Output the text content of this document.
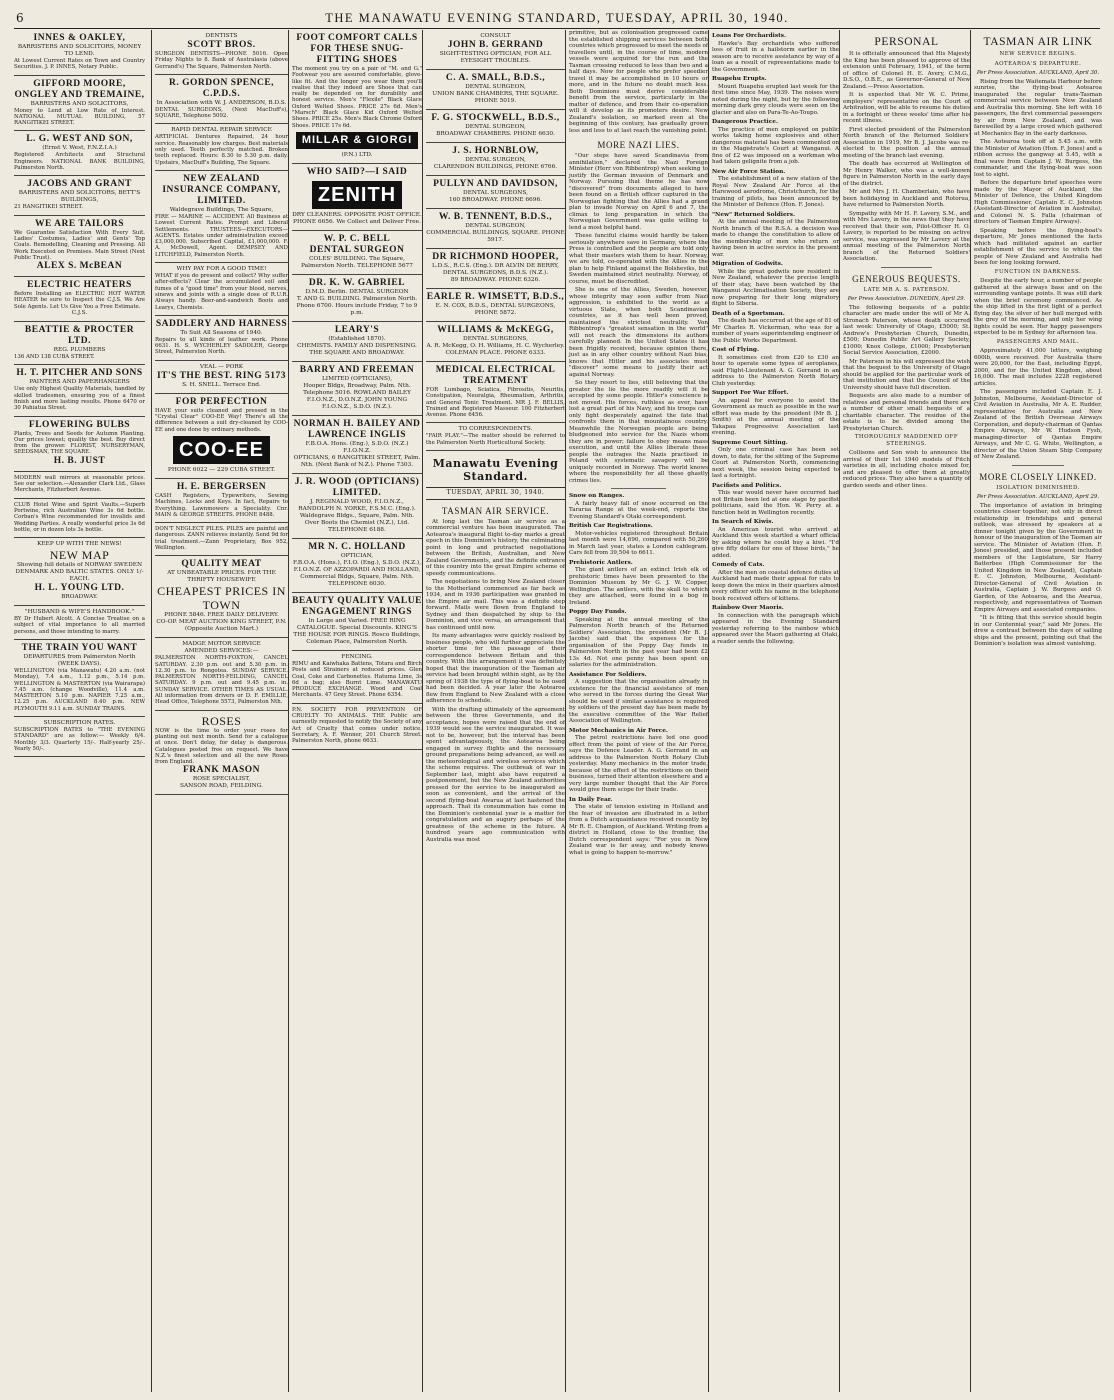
6	THE MANAWATU EVENING STANDARD, TUESDAY, APRIL 30, 1940.
INNES & OAKLEY,
BARRISTERS AND SOLICITORS, MONEY TO LEND.
At Lowest Current Rates on Town and Country Securities. J. P. INNES, Notary Public.
GIFFORD MOORE, ONGLEY AND TREMAINE,
BARRISTERS AND SOLICITORS,
Money to Lend at Low Rate of Interest. NATIONAL MUTUAL BUILDING, 57 RANGITIKEI STREET.
L. G. WEST AND SON,
(Ernst V. West, F.N.Z.I.A.)
Registered Architects and Structural Engineers. NATIONAL BANK BUILDING, Palmerston North.
JACOBS AND GRANT
BARRISTERS AND SOLICITORS, BETT'S BUILDINGS,
21 RANGITIKEI STREET.
WE ARE TAILORS
We Guarantee Satisfaction With Every Suit. Ladies' Costumes, Ladies' and Gents' Top Coats. Remodelling, Cleaning and Pressing. All Work Executed on Premises. Main Street (Next Public Trust).
ALEX S. McBEAN
ELECTRIC HEATERS
Before Installing an ELECTRIC HOT WATER HEATER be sure to Inspect the C.J.S. We Are Sole Agents. Let Us Give You a Free Estimate.
C.J.S.
BEATTIE & PROCTER LTD.
REG. PLUMBERS
136 AND 138 CUBA STREET.
H. T. PITCHER AND SONS
PAINTERS AND PAPERHANGERS
Use only Highest Quality Materials, handled by skilled tradesmen, ensuring you of a finest finish and more lasting results. Phone 6470 or 30 Pahiatua Street.
FLOWERING BULBS
Plants, Trees and Seeds for Autumn Planting. Our prices lowest; quality the best. Buy direct from the grower. FLORIST, NURSERYMAN, SEEDSMAN, THE SQUARE.
H. B. JUST
MODERN wall mirrors at reasonable prices. See our selection.—Alexander Clark Ltd., Glass Merchants, Fitzherbert Avenue.
CLUB Hotel Wine and Spirit Vaults.—Superb Portwine, rich Australian Wine 3s 6d bottle. Corban's Wine recommended for invalids and Wedding Parties. A really wonderful price 3s 6d bottle, or in dozen lots 3s bottle.
KEEP UP WITH THE NEWS!
NEW MAP
Showing full details of NORWAY SWEDEN DENMARK AND BALTIC STATES. ONLY 1/- EACH.
H. L. YOUNG LTD.
BROADWAY.
"HUSBAND & WIFE'S HANDBOOK."
BY Dr Hubert Alcott. A Concise Treatise on a subject of vital importance to all married persons, and those intending to marry.
THE TRAIN YOU WANT
DEPARTURES from Palmerston North (WEEK DAYS).
WELLINGTON (via Manawatu) 4.20 a.m. (not Monday), 7.4 a.m., 1.12 p.m., 5.14 p.m. WELLINGTON & MASTERTON (via Wairarapa) 7.45 a.m. (change Woodville), 11.4 a.m. MASTERTON 5.10 p.m. NAPIER 7.25 a.m., 12.25 p.m. AUCKLAND 8.40 p.m. NEW PLYMOUTH 9.11 a.m. SUNDAY TRAINS.
SUBSCRIPTION RATES.
SUBSCRIPTION RATES to "THE EVENING STANDARD" are as follow:— Weekly 6/4. Monthly 3/3. Quarterly 15/-. Half-yearly 25/-. Yearly 50/-.
DENTISTS
SCOTT BROS.
SURGEON DENTISTS—PHONE 5016. Open Friday Nights to 8. Bank of Australasia (above Gerrand's) The Square, Palmerston North.
R. GORDON SPENCE, C.P.D.S.
In Association with W. J. ANDERSON, B.D.S.
DENTAL SURGEONS, (Next MacDuff's), SQUARE, Telephone 5092.
RAPID DENTAL REPAIR SERVICE
ARTIFICIAL Dentures Repaired, 24 hour service. Reasonably low charges. Best materials only used. Teeth perfectly matched. Broken teeth replaced. Hours: 8.30 to 5.30 p.m. daily. Upstairs, MacDuff's Building, The Square.
NEW ZEALAND INSURANCE COMPANY, LIMITED.
Waldegrave Buildings, The Square,
FIRE — MARINE — ACCIDENT. All Business at Lowest Current Rates. Prompt and Liberal Settlements. TRUSTEES—EXECUTORS—AGENTS. Estates under administration exceed £3,000,000. Subscribed Capital, £1,000,000. F. A. McDowell, Agent. DEMPSEY AND LITCHFIELD, Palmerston North.
WHY PAY FOR A GOOD TIME!
WHAT if you do present and collect? Why suffer after-effects? Clear the accumulated soil and fumes of a "good time" from your blood, nerves, sinews and joints with a single dose of R.U.R. Always handy. Beer-and-sandwich Boots and Learys, Chemists.
SADDLERY AND HARNESS
To Suit All Seasons of 1940.
Repairs to all kinds of leather work. Phone 6631. H. S. WYCHERLEY SADDLER, George Street, Palmerston North.
VEAL — PORK
IT'S THE BEST. RING 5173
S. H. SNELL. Terrace End.
FOR PERFECTION
HAVE your suits cleaned and pressed in the "Crystal Clear" COO-EE Way! There's all the difference between a suit dry-cleaned by COO-EE and one done by ordinary methods.
COO-EE
PHONE 6022 — 229 CUBA STREET.
H. E. BERGERSEN
CASH Registers, Typewriters, Sewing Machines, Locks and Keys. In fact, Repairs to Everything. Lawnmowers a Speciality. Cnr. MAIN & GEORGE STREETS. PHONE 8488.
DON'T NEGLECT PILES. PILES are painful and dangerous. ZANN relieves instantly. Send 9d for trial treatment.—Zann Proprietary, Box 952, Wellington.
QUALITY MEAT
AT UNBEATABLE PRICES. FOR THE THRIFTY HOUSEWIFE
CHEAPEST PRICES IN TOWN
PHONE 5846. FREE DAILY DELIVERY.
CO-OP. MEAT AUCTION KING STREET, P.N. (Opposite Auction Mart.)
MADGE MOTOR SERVICE
AMENDED SERVICES:—
PALMERSTON NORTH-FOXTON, CANCEL SATURDAY. 2.30 p.m. out and 5.30 p.m. in. 12.30 p.m. to Rongotea. SUNDAY SERVICE. PALMERSTON NORTH-FEILDING, CANCEL SATURDAY. 9 p.m. out and 9.45 p.m. in. SUNDAY SERVICE. OTHER TIMES AS USUAL. All information from drivers or D. F. EMILLIE, Head Office, Telephone 5573, Palmerston Nth.
ROSES
NOW is the time to order your roses for planting out next month. Send for a catalogue at once. Don't delay, for delay is dangerous. Catalogues posted free on request. We have N.Z.'s finest selection and all the new Roses from England.
FRANK MASON
ROSE SPECIALIST,
SANSON ROAD, FEILDING.
FOOT COMFORT CALLS FOR THESE SNUG-FITTING SHOES
The moment you try on a pair of "M. and G." Footwear you are assured comfortable, glove-like fit. And the longer you wear them you'll realise that they indeed are Shoes that can really be depended on for durability and honest service. Men's "Flexile" Black Glace Oxford Welted Shoes. PRICE 27s 6d. Men's "Marsch" Black Glace Kid Oxford Welted Shoes. PRICE 25s. Men's Black Chrome Oxford Shoes. PRICE 17s 6d.
MILLAR & GIORGI
(P.N.) LTD.
WHO SAID?—I SAID
ZENITH
DRY CLEANERS. OPPOSITE POST OFFICE. PHONE 6656. We Collect and Deliver Free.
W. P. C. BELL
DENTAL SURGEON
COLES' BUILDING. The Square, Palmerston North. TELEPHONE 5677
DR. K. W. GABRIEL
D.M.D. Berlin. DENTAL SURGEON
T. AND G. BUILDING. Palmerston North. Phone 6700. Hours include Friday, 7 to 9 p.m.
LEARY'S
(Established 1870).
CHEMISTS. FAMILY AND DISPENSING. THE SQUARE AND BROADWAY.
BARRY AND FREEMAN
LIMITED (OPTICIANS),
Hooper Bldgs, Broadway, Palm. Nth. Telephone 5016. ROWLAND BAILEY F.I.O.N.Z., D.O.N.Z. JOHN YOUNG F.I.O.N.Z., S.D.O. (N.Z.).
NORMAN H. BAILEY AND LAWRENCE INGLIS
F.B.O.A. Hons. (Eng.), S.D.O. (N.Z.) F.I.O.N.Z.
OPTICIANS, 6 RANGITIKEI STREET, Palm. Nth. (Next Bank of N.Z.). Phone 7303.
J. R. WOOD (OPTICIANS) LIMITED.
J. REGINALD WOOD, F.I.O.N.Z., RANDOLPH N. YORKE, F.S.M.C. (Eng.).
Waldegrave Bldgs., Square, Palm. Nth. Over Boots the Chemist (N.Z.), Ltd. TELEPHONE 6188.
MR N. C. HOLLAND
OPTICIAN,
F.B.O.A. (Hons.), F.I.O. (Eng.), S.D.O. (N.Z.), F.I.O.N.Z. OF AZZOPARDI AND HOLLAND, Commercial Bldgs, Square, Palm. Nth. TELEPHONE 6030.
BEAUTY QUALITY VALUE
ENGAGEMENT RINGS
In Large and Varied. FREE RING CATALOGUE. Special Discounts. KING'S THE HOUSE FOR RINGS. Rosco Buildings, Coleman Place, Palmerston North.
FENCING.
RIMU and Kaiwhaka Battens, Totara and Birch Posts and Strainers at reduced prices. Glen Coal, Coke and Carbonettes. Hatuma Lime, 3s 6d a bag; also Burnt Lime. MANAWATU PRODUCE EXCHANGE. Wood and Coal Merchants. 47 Grey Street. Phone 6354.
P.N. SOCIETY FOR PREVENTION OF CRUELTY TO ANIMALS. THE Public are earnestly requested to notify the Society of any Act of Cruelty that comes under notice. Secretary, A. F. Wenner, 201 Church Street. Palmerston North, phone 6633.
CONSULT
JOHN B. GERRAND
SIGHT-TESTING OPTICIAN, FOR ALL EYESIGHT TROUBLES.
C. A. SMALL, B.D.S.,
DENTAL SURGEON,
UNION BANK CHAMBERS, THE SQUARE. PHONE 5019.
F. G. STOCKWELL, B.D.S.,
DENTAL SURGEON,
BROADWAY CHAMBERS. PHONE 6630.
J. S. HORNBLOW,
DENTAL SURGEON,
CLARENDON BUILDINGS, PHONE 6766.
PULLYN AND DAVIDSON,
DENTAL SURGEONS,
160 BROADWAY. PHONE 6696.
W. B. TENNENT, B.D.S.,
DENTAL SURGEON,
COMMERCIAL BUILDINGS, SQUARE. PHONE 5917.
DR RICHMOND HOOPER,
L.D.S., R.C.S. (Eng.). DR ALVIN DE BERRY, DENTAL SURGEONS, B.D.S. (N.Z.).
89 BROADWAY. PHONE 6326.
EARLE R. WIMSETT, B.D.S.,
E. N. COX, B.D.S., DENTAL SURGEONS,
PHONE 5872.
WILLIAMS & McKEGG,
DENTAL SURGEONS,
A. R. McKegg, O. H. Williams, H. C. Wycherley. COLEMAN PLACE. PHONE 6333.
MEDICAL ELECTRICAL TREATMENT
FOR Lumbago, Sciatica, Fibrositis, Neuritis, Constipation, Neuralgia, Rheumatism, Arthritis, and General Tonic Treatment. MR J. F. BELLIS, Trained and Registered Masseur. 100 Fitzherbert Avenue. Phone 6456.
TO CORRESPONDENTS.
"FAIR PLAY."—The matter should be referred to the Palmerston North Horticultural Society.
Manawatu Evening Standard.
TUESDAY, APRIL 30, 1940.
TASMAN AIR SERVICE.

At long last the Tasman air service as a commercial venture has been inaugurated. The Aotearoa's inaugural flight to-day marks a great epoch in this Dominion's history, the culminating point in long and protracted negotiations between the British, Australian, and New Zealand Governments, and the definite entrance of this country into the great Empire scheme of speedy communications.

The negotiations to bring New Zealand closer to the Motherland commenced as far back as 1934, and in 1936 participation was granted in the Empire air mail. This was a definite step forward. Mails were flown from England to Sydney and then despatched by ship to the Dominion, and vice versa, an arrangement that has continued until now.

Its many advantages were quickly realised by business people, who will further appreciate the shorter time for the passage of their correspondence between Britain and this country. With this arrangement it was definitely hoped that the inauguration of the Tasman air service had been brought within sight, as by the spring of 1938 the type of flying-boat to be used had been decided. A year later the Aotearoa flew from England to New Zealand with a close adherence to schedule.

With the drafting ultimately of the agreement between the three Governments, and its acceptance, hopes were raised that the end of 1939 would see the service inaugurated. It was not to be, however, but the interval has been spent advantageously, the Aotearoa being engaged in survey flights and the necessary ground preparations being advanced, as well as the meteorological and wireless services which the scheme requires. The outbreak of war in September last, might also have required a postponement, but the New Zealand authorities pressed for the service to be inaugurated as soon as convenient, and the arrival of the second flying-boat Awarua at last hastened the approach. That its consummation has come in the Dominion's centennial year is a matter for congratulation and an augury perhaps of the greatness of the scheme in the future. A hundred years ago communication with Australia was most

primitive, but as colonisation progressed came the established shipping services between both countries which progressed to meet the needs of travellers until, in the course of time, modern vessels were acquired for the run and the Tasman crossing reduced to less than two and a half days. Now for people who prefer speedier travel it may be accomplished in 10 hours or more, and in the future no doubt much less. Both Dominions must derive considerable benefit from the service, particularly in the matter of defence, and from their co-operation will it develop as its promoters desire. New Zealand's isolation, so marked even at the beginning of this century, has gradually grown less and less to at last reach the vanishing point.

MORE NAZI LIES.

"Our steps have saved Scandinavia from annihilation," declared the Nazi Foreign Minister (Herr von Ribbentrop) when seeking to justify the German invasion of Denmark and Norway. Pursuing that theme he has now "discovered" from documents alleged to have been found on a British officer captured in the Norwegian fighting that the Allies had a grand plan to invade Norway on April 6 and 7, the climax to long preparation in which the Norwegian Government was quite willing to lend a most helpful hand.

These fanciful claims would hardly be taken seriously anywhere save in Germany, where the Press is controlled and the people are told only what their masters wish them to hear. Norway, we are told, co-operated with the Allies in the plan to help Finland against the Bolsheviks, but Sweden maintained strict neutrality. Norway, of course, must be discredited.

She is one of the Allies, Sweden, however, whose integrity may soon suffer from Nazi aggression, is exhibited to the world as a virtuous State, when both Scandinavian countries, as it has well been proved, maintained the strictest neutrality. Von Ribbentrop's "greatest sensation in the world" will not reach the dimensions its authors carefully planned. In the United States it has been frigidly received, because opinion there, just as in any other country without Nazi bias, knows that Hitler and his associates must "discover" some means to justify their act against Norway.

So they resort to lies, still believing that the greater the lie the more readily will it be accepted by some people. Hitler's conscience is not moved. His forces, ruthless as ever, have lost a great part of his Navy, and his troops can only fight desperately against the fate that confronts them in that mountainous country. Meanwhile the Norwegian people are being bludgeoned into service for the Nazis whom they are in power; failure to obey means mass execution, and until the Allies liberate these people the outrages the Nazis practised in Poland with systematic savagery will be uniquely recorded in Norway. The world knows where the responsibility for all these ghastly crimes lies.

Snow on Ranges.

A fairly heavy fall of snow occurred on the Tararua Range at the week-end, reports the Evening Standard's Otaki correspondent.

British Car Registrations.

Motor-vehicles registered throughout Britain last month were 14,690, compared with 50,260 in March last year, states a London cablegram. Cars fell from 39,504 to 6611.

Prehistoric Antlers.

The giant antlers of an extinct Irish elk of prehistoric times have been presented to the Dominion Museum by Mr G. J. W. Copper, Wellington. The antlers, with the skull to which they are attached, were found in a bog in Ireland.

Poppy Day Funds.

Speaking at the annual meeting of the Palmerston North branch of the Returned Soldiers' Association, the president (Mr B. J. Jacobs) said that the expenses for the organisation of the Poppy Day funds in Palmerston North in the past year had been £2 13s 4d. Not one penny has been spent on salaries for the administration.

Assistance For Soldiers.

A suggestion that the organisation already in existence for the financial assistance of men who served in the forces during the Great War should be used if similar assistance is required by soldiers of the present day has been made by the executive committee of the War Relief Association of Wellington.

Motor Mechanics in Air Force.

The petrol restrictions have led one good effect from the point of view of the Air Force, says the Defence Leader. A. G. Gerrand in an address to the Palmerston North Rotary Club yesterday. Many mechanics in the motor trade, because of the effect of the restrictions on their business, turned their attention elsewhere and a very large number thought that the Air Force would give them scope for their trade.

In Daily Fear.

The state of tension existing in Holland and the fear of invasion are illustrated in a letter from a Dutch acquaintance received recently by Mr R. E. Champion, of Auckland. Writing from a district in Holland, close to the frontier, the Dutch correspondent says: "For you in New Zealand war is far away, and nobody knows what is going to happen to-morrow."

Loans For Orchardists.

Hawke's Bay orchardists who suffered loss of fruit in a hailstorm earlier in the season are to receive assistance by way of a loan as a result of representations made to the Government.

Ruapehu Erupts.

Mount Ruapehu erupted last week for the first time since May, 1939. The noises were noted during the night, but by the following morning dark grey clouds were seen on the glacier and also on Para-Te-Ao-Toupo.

Dangerous Practice.

The practice of men employed on public works taking home explosives and other dangerous material has been commented on in the Magistrate's Court at Wanganui. A fine of £2 was imposed on a workman who had taken gelignite from a job.

New Air Force Station.

The establishment of a new station of the Royal New Zealand Air Force at the Harewood aerodrome, Christchurch, for the training of pilots, has been announced by the Minister of Defence (Hon. F. Jones).

"New" Returned Soldiers.

At the annual meeting of the Palmerston North branch of the R.S.A. a decision was made to change the constitution to allow of the membership of men who return or having been in active service in the present war.

Migration of Godwits.

While the great godwits now resident in New Zealand, whatever the precise length of their stay, have been watched by the Wanganui Acclimatisation Society, they are now preparing for their long migratory flight to Siberia.

Death of a Sportsman.

The death has occurred at the age of 81 of Mr Charles R. Vickerman, who was for a number of years superintending engineer of the Public Works Department.

Cost of Flying.

It sometimes cost from £20 to £30 an hour to operate some types of aeroplanes, said Flight-Lieutenant A. G. Gerrand in an address to the Palmerston North Rotary Club yesterday.

Support For War Effort.

An appeal for everyone to assist the Government as much as possible in the war effort was made by the president (Mr B. J. Smith) at the annual meeting of the Takapau Progressive Association last evening.

Supreme Court Sitting.

Only one criminal case has been set down, to date, for the sitting of the Supreme Court at Palmerston North, commencing next week, the session being expected to last a fortnight.

Pacifists and Politics.

This war would never have occurred had not Britain been led at one stage by pacifist politicians, said the Hon. W. Perry at a function held in Wellington recently.

In Search of Kiwis.

An American tourist who arrived at Auckland this week startled a wharf official by asking where he could buy a kiwi. "I'd give fifty dollars for one of those birds," he added.

Comedy of Cats.

After the men on coastal defence duties at Auckland had made their appeal for cats to keep down the mice in their quarters almost every officer with his name in the telephone book received offers of kittens.

Rainbow Over Maoris.

In connection with the paragraph which appeared in the Evening Standard yesterday referring to the rainbow which appeared over the Maori gathering at Otaki, a reader sends the following.

PERSONAL

It is officially announced that His Majesty the King has been pleased to approve of the extension until February, 1941, of the term of office of Colonel H. E. Avery, C.M.G., D.S.O., O.B.E., as Governor-General of New Zealand.—Press Association.

It is expected that Mr W. C. Prime, employers' representative on the Court of Arbitration, will be able to resume his duties in a fortnight or three weeks' time after his recent illness.

First elected president of the Palmerston North branch of the Returned Soldiers' Association in 1919, Mr B. J. Jacobs was re-elected to the position at the annual meeting of the branch last evening.

The death has occurred at Wellington of Mr Henry Walker, who was a well-known figure in Palmerston North in the early days of the district.

Mr and Mrs J. H. Chamberlain, who have been holidaying in Auckland and Rotorua, have returned to Palmerston North.

Sympathy with Mr H. F. Lavery, S.M., and with Mrs Lavery, in the news that they have received that their son, Pilot-Officer H. O. Lavery, is reported to be missing on active service, was expressed by Mr Lavery at the annual meeting of the Palmerston North branch of the Returned Soldiers' Association.

GENEROUS BEQUESTS.
LATE MR A. S. PATERSON.
Per Press Association. DUNEDIN, April 29.

The following bequests of a public character are made under the will of Mr A. Stronach Paterson, whose death occurred last week: University of Otago, £5000; St. Andrew's Presbyterian Church, Dunedin, £500; Dunedin Public Art Gallery Society, £1000; Knox College, £1000; Presbyterian Social Service Association, £2000.

Mr Paterson in his will expressed the wish that the bequest to the University of Otago should be applied for the particular work of that institution and that the Council of the University should have full discretion.

Bequests are also made to a number of relatives and personal friends and there are a number of other small bequests of a charitable character. The residue of the estate is to be divided among the Presbyterian Church.

THOROUGHLY MADDENED OFF STEERINGS.

Collisons and Son wish to announce the arrival of their 1st 1940 models of Fitch varieties in all, including choice mixed for, and are pleased to offer them at greatly reduced prices. They also have a quantity of garden seeds and other lines.

TASMAN AIR LINK
NEW SERVICE BEGINS.
AOTEAROA'S DEPARTURE.
Per Press Association. AUCKLAND, April 30.

Rising from the Waitemata Harbour before sunrise, the flying-boat Aotearoa inaugurated the regular trans-Tasman commercial service between New Zealand and Australia this morning. She left with 16 passengers, the first commercial passengers by air from New Zealand, and was farewelled by a large crowd which gathered at Mechanics Bay in the early darkness.

The Aotearoa took off at 5.45 a.m. with the Minister of Aviation (Hon. F. Jones) and a ribbon across the gangway at 5.45, with a final wave from Captain J. W. Burgess, the commander, and the flying-boat was soon lost to sight.

Before the departure brief speeches were made by the Mayor of Auckland, the Minister of Defence, the United Kingdom High Commissioner, Captain E. C. Johnston (Assistant-Director of Aviation in Australia), and Colonel N. S. Falla (chairman of directors of Tasman Empire Airways).

Speaking before the flying-boat's departure, Mr Jones mentioned the facts which had militated against an earlier establishment of the service to which the people of New Zealand and Australia had been for long looking forward.

FUNCTION IN DARKNESS.

Despite the early hour, a number of people gathered at the airways base and on the surrounding vantage points. It was still dark when the brief ceremony commenced. As the ship lifted in the first light of a perfect flying day, the silver of her hull merged with the grey of the morning, and only her wing lights could be seen. Her happy passengers expected to be in Sydney for afternoon tea.

PASSENGERS AND MAIL.

Approximately 41,000 letters, weighing 600lb, were received. For Australia there were 20,000, for the East, including Egypt, 2000, and for the United Kingdom, about 16,000. The mail includes 2228 registered articles.

The passengers included Captain E. J. Johnston, Melbourne, Assistant-Director of Civil Aviation in Australia, Mr A. E. Rudder, representative for Australia and New Zealand of the British Overseas Airways Corporation, and deputy-chairman of Qantas Empire Airways, Mr W. Hudson Fysh, managing-director of Qantas Empire Airways, and Mr C. G. White, Wellington, a director of the Union Steam Ship Company of New Zealand.

MORE CLOSELY LINKED.
ISOLATION DIMINISHED.
Per Press Association. AUCKLAND, April 29.

The importance of aviation in bringing countries closer together, not only in direct relationship in friendships and general outlook, was stressed by speakers at a dinner tonight given by the Government in honour of the inauguration of the Tasman air service. The Minister of Aviation (Hon. F. Jones) presided, and those present included members of the Legislature, Sir Harry Batterbee (High Commissioner for the United Kingdom in New Zealand), Captain E. C. Johnston, Melbourne, Assistant-Director-General of Civil Aviation in Australia, Captain J. W. Burgess and O. Garden, of the Aotearoa, and the Awarua, respectively, and representatives of Tasman Empire Airways and associated companies.

"It is fitting that this service should begin in our Centennial year," said Mr Jones. He drew a contrast between the days of sailing ships and the present, pointing out that the Dominion's isolation was almost vanishing.
